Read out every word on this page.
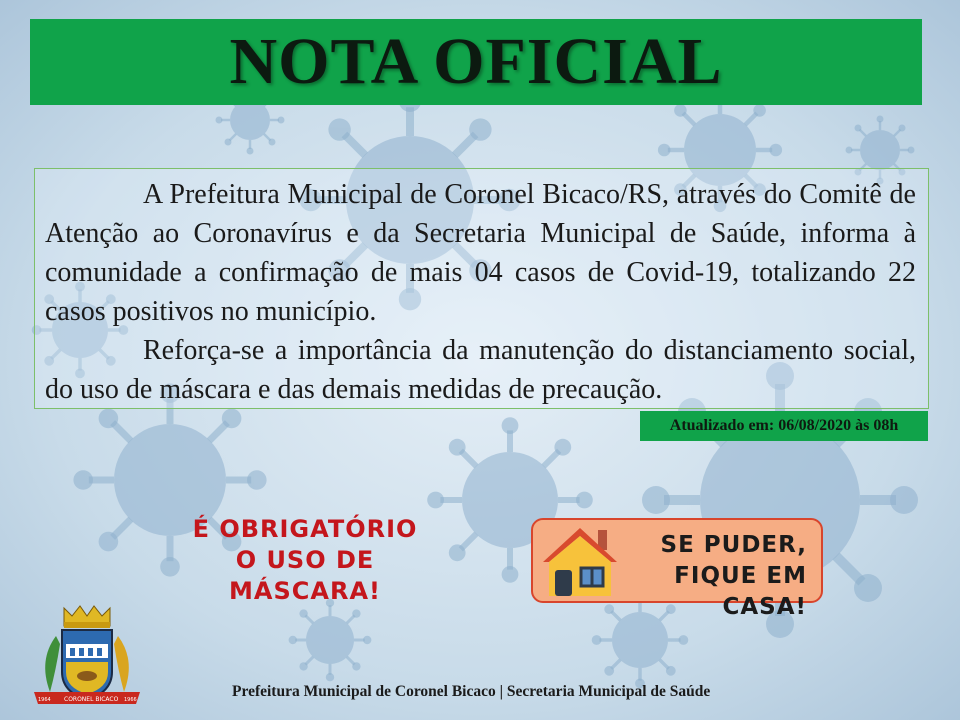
NOTA OFICIAL

A Prefeitura Municipal de Coronel Bicaco/RS, através do Comitê de Atenção ao Coronavírus e da Secretaria Municipal de Saúde, informa à comunidade a confirmação de mais 04 casos de Covid-19, totalizando 22 casos positivos no município.

Reforça-se a importância da manutenção do distanciamento social, do uso de máscara e das demais medidas de precaução.

Atualizado em: 06/08/2020 às 08h
É OBRIGATÓRIO
O USO DE
MÁSCARA!
SE PUDER,
FIQUE EM CASA!
1964 CORONEL BICACO 1966	Prefeitura Municipal de Coronel Bicaco | Secretaria Municipal de Saúde
